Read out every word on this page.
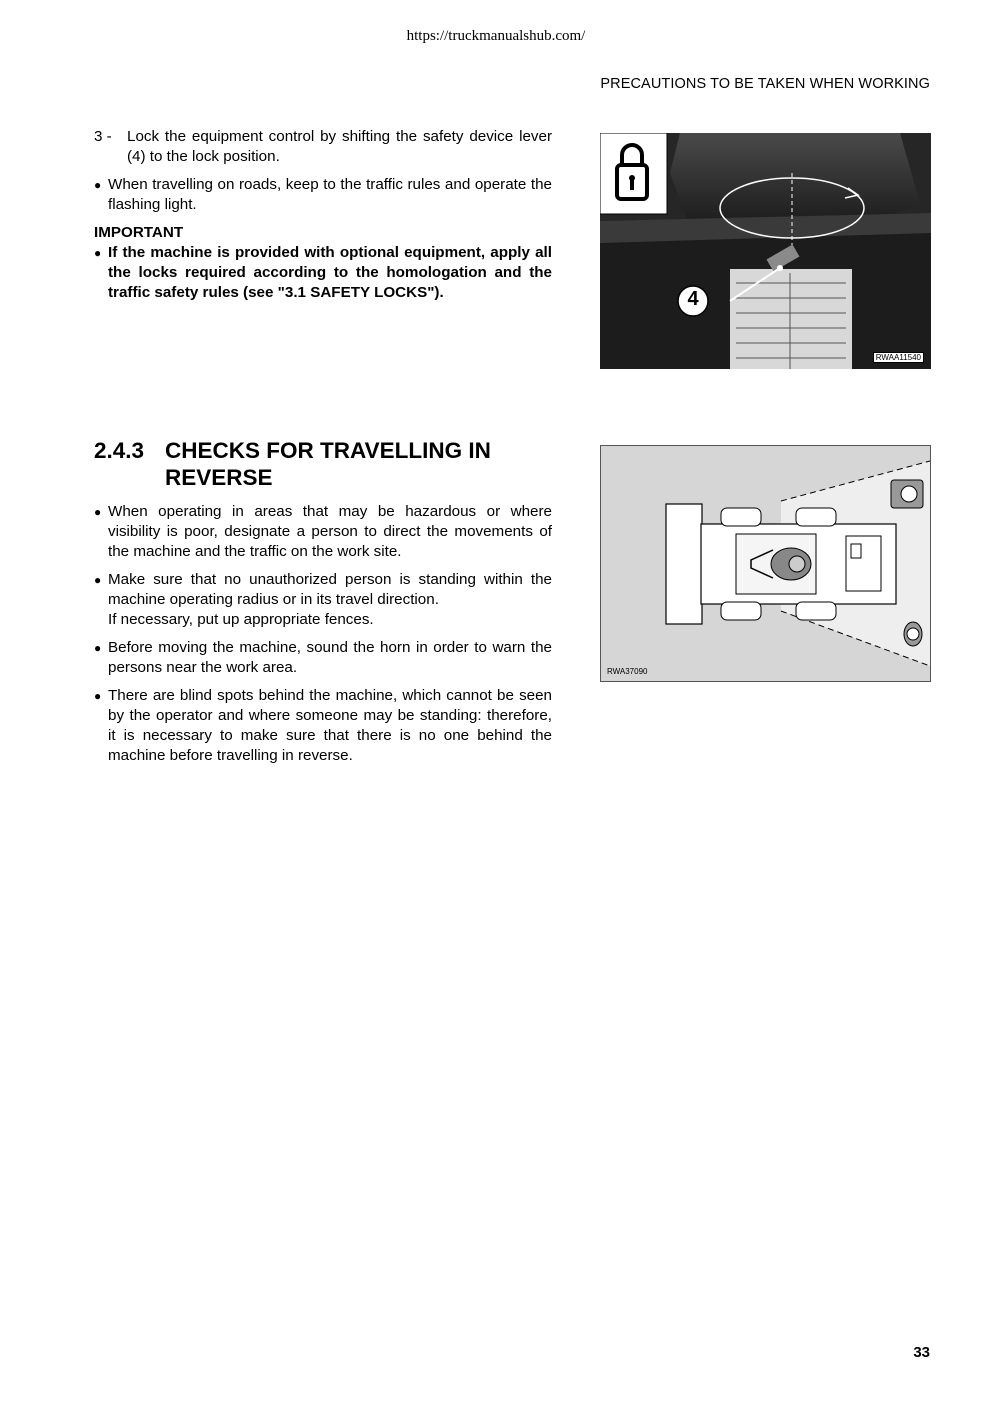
https://truckmanualshub.com/
PRECAUTIONS TO BE TAKEN WHEN WORKING
3 - Lock the equipment control by shifting the safety device lever (4) to the lock position.
● When travelling on roads, keep to the traffic rules and operate the flashing light.
IMPORTANT
● If the machine is provided with optional equipment, apply all the locks required according to the homologation and the traffic safety rules (see "3.1 SAFETY LOCKS").	4
RWAA11540
2.4.3 CHECKS FOR TRAVELLING IN REVERSE
● When operating in areas that may be hazardous or where visibility is poor, designate a person to direct the movements of the machine and the traffic on the work site.
● Make sure that no unauthorized person is standing within the machine operating radius or in its travel direction.
If necessary, put up appropriate fences.
● Before moving the machine, sound the horn in order to warn the persons near the work area.
● There are blind spots behind the machine, which cannot be seen by the operator and where someone may be standing: therefore, it is necessary to make sure that there is no one behind the machine before travelling in reverse.
RWA37090
33
